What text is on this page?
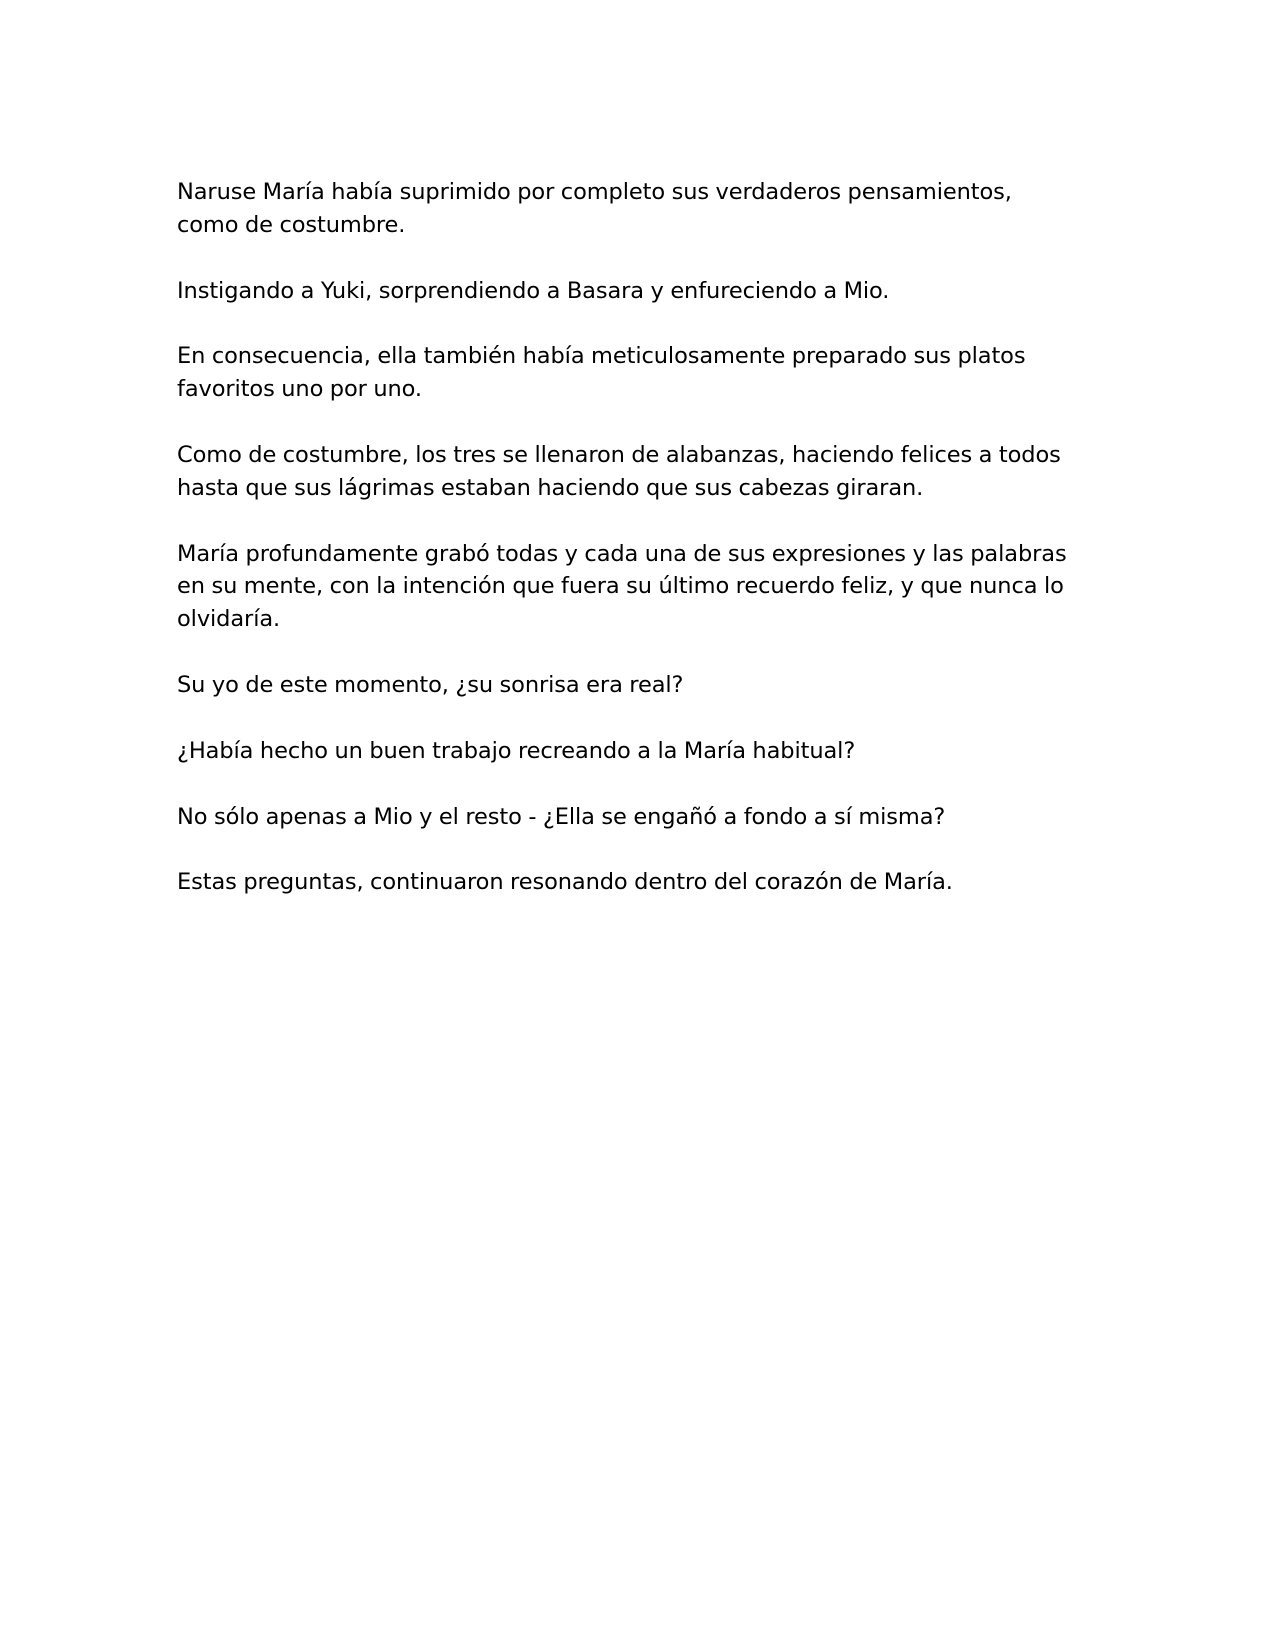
Naruse María había suprimido por completo sus verdaderos pensamientos, como de costumbre.

Instigando a Yuki, sorprendiendo a Basara y enfureciendo a Mio.

En consecuencia, ella también había meticulosamente preparado sus platos favoritos uno por uno.

Como de costumbre, los tres se llenaron de alabanzas, haciendo felices a todos hasta que sus lágrimas estaban haciendo que sus cabezas giraran.

María profundamente grabó todas y cada una de sus expresiones y las palabras en su mente, con la intención que fuera su último recuerdo feliz, y que nunca lo olvidaría.

Su yo de este momento, ¿su sonrisa era real?

¿Había hecho un buen trabajo recreando a la María habitual?

No sólo apenas a Mio y el resto - ¿Ella se engañó a fondo a sí misma?

Estas preguntas, continuaron resonando dentro del corazón de María.
